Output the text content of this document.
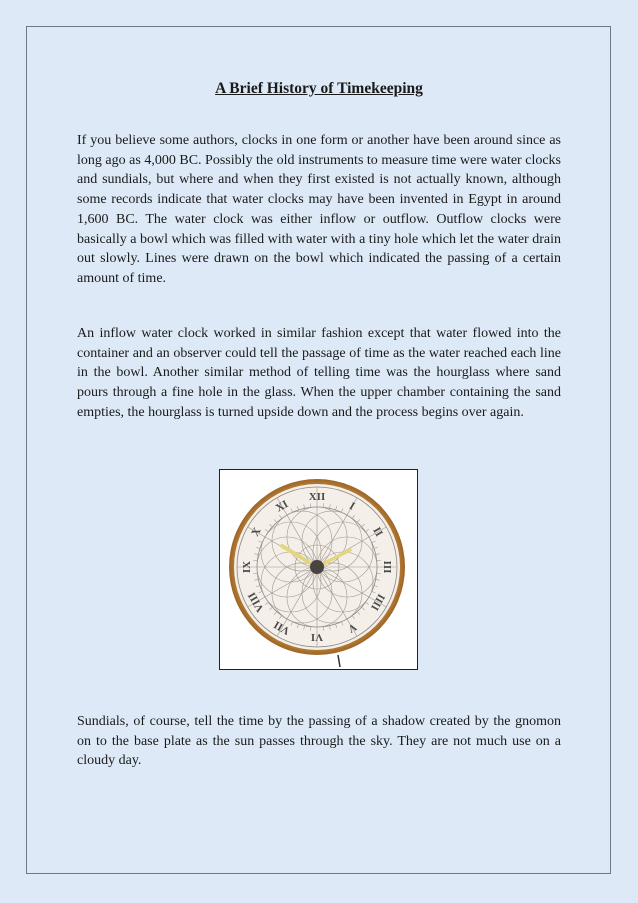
A Brief History of Timekeeping

If you believe some authors, clocks in one form or another have been around since as long ago as 4,000 BC. Possibly the old instruments to measure time were water clocks and sundials, but where and when they first existed is not actually known, although some records indicate that water clocks may have been invented in Egypt in around 1,600 BC. The water clock was either inflow or outflow. Outflow clocks were basically a bowl which was filled with water with a tiny hole which let the water drain out slowly. Lines were drawn on the bowl which indicated the passing of a certain amount of time.

An inflow water clock worked in similar fashion except that water flowed into the container and an observer could tell the passage of time as the water reached each line in the bowl. Another similar method of telling time was the hourglass where sand pours through a fine hole in the glass. When the upper chamber containing the sand empties, the hourglass is turned upside down and the process begins over again.

XII
I
II
III
IIII
V
VI
VII
VIII
IX
X
XI

Sundials, of course, tell the time by the passing of a shadow created by the gnomon on to the base plate as the sun passes through the sky. They are not much use on a cloudy day.
